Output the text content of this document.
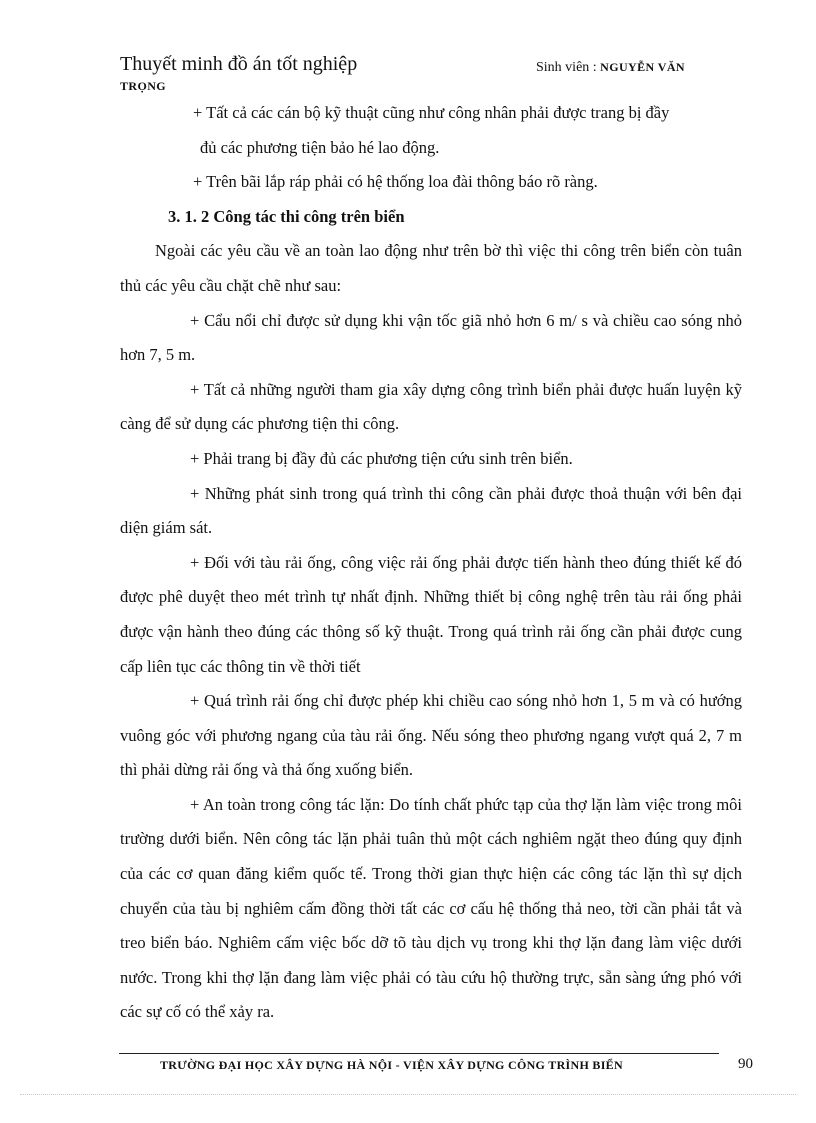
Thuyết minh đồ án tốt nghiệp	Sinh viên : NGUYỄN VĂN
TRỌNG

+ Tất cả các cán bộ kỹ thuật cũng như công nhân phải được trang bị đầy

đủ các phương tiện bảo hé lao động.

+ Trên bãi lắp ráp phải có hệ thống loa đài thông báo rõ ràng.

3. 1. 2 Công tác thi công trên biển

Ngoài các yêu cầu về an toàn lao động như trên bờ thì việc thi công trên biển còn tuân thủ các yêu cầu chặt chẽ như sau:

+ Cẩu nổi chỉ được sử dụng khi vận tốc giã nhỏ hơn 6 m/ s và chiều cao sóng nhỏ hơn 7, 5 m.

+ Tất cả những người tham gia xây dựng công trình biển phải được huấn luyện kỹ càng để sử dụng các phương tiện thi công.

+ Phải trang bị đầy đủ các phương tiện cứu sinh trên biển.

+ Những phát sinh trong quá trình thi công cần phải được thoả thuận với bên đại diện giám sát.

+ Đối với tàu rải ống, công việc rải ống phải được tiến hành theo đúng thiết kế đó được phê duyệt theo mét trình tự nhất định. Những thiết bị công nghệ trên tàu rải ống phải được vận hành theo đúng các thông số kỹ thuật. Trong quá trình rải ống cần phải được cung cấp liên tục các thông tin về thời tiết

+ Quá trình rải ống chỉ được phép khi chiều cao sóng nhỏ hơn 1, 5 m và có hướng vuông góc với phương ngang của tàu rải ống. Nếu sóng theo phương ngang vượt quá 2, 7 m thì phải dừng rải ống và thả ống xuống biển.

+ An toàn trong công tác lặn: Do tính chất phức tạp của thợ lặn làm việc trong môi trường dưới biển. Nên công tác lặn phải tuân thủ một cách nghiêm ngặt theo đúng quy định của các cơ quan đăng kiểm quốc tế. Trong thời gian thực hiện các công tác lặn thì sự dịch chuyển của tàu bị nghiêm cấm đồng thời tất các cơ cấu hệ thống thả neo, tời cần phải tắt và treo biển báo. Nghiêm cấm việc bốc dỡ tõ tàu dịch vụ trong khi thợ lặn đang làm việc dưới nước. Trong khi thợ lặn đang làm việc phải có tàu cứu hộ thường trực, sẵn sàng ứng phó với các sự cố có thể xảy ra.

TRƯỜNG ĐẠI HỌC XÂY DỰNG HÀ NỘI - VIỆN XÂY DỰNG CÔNG TRÌNH BIỂN	90
